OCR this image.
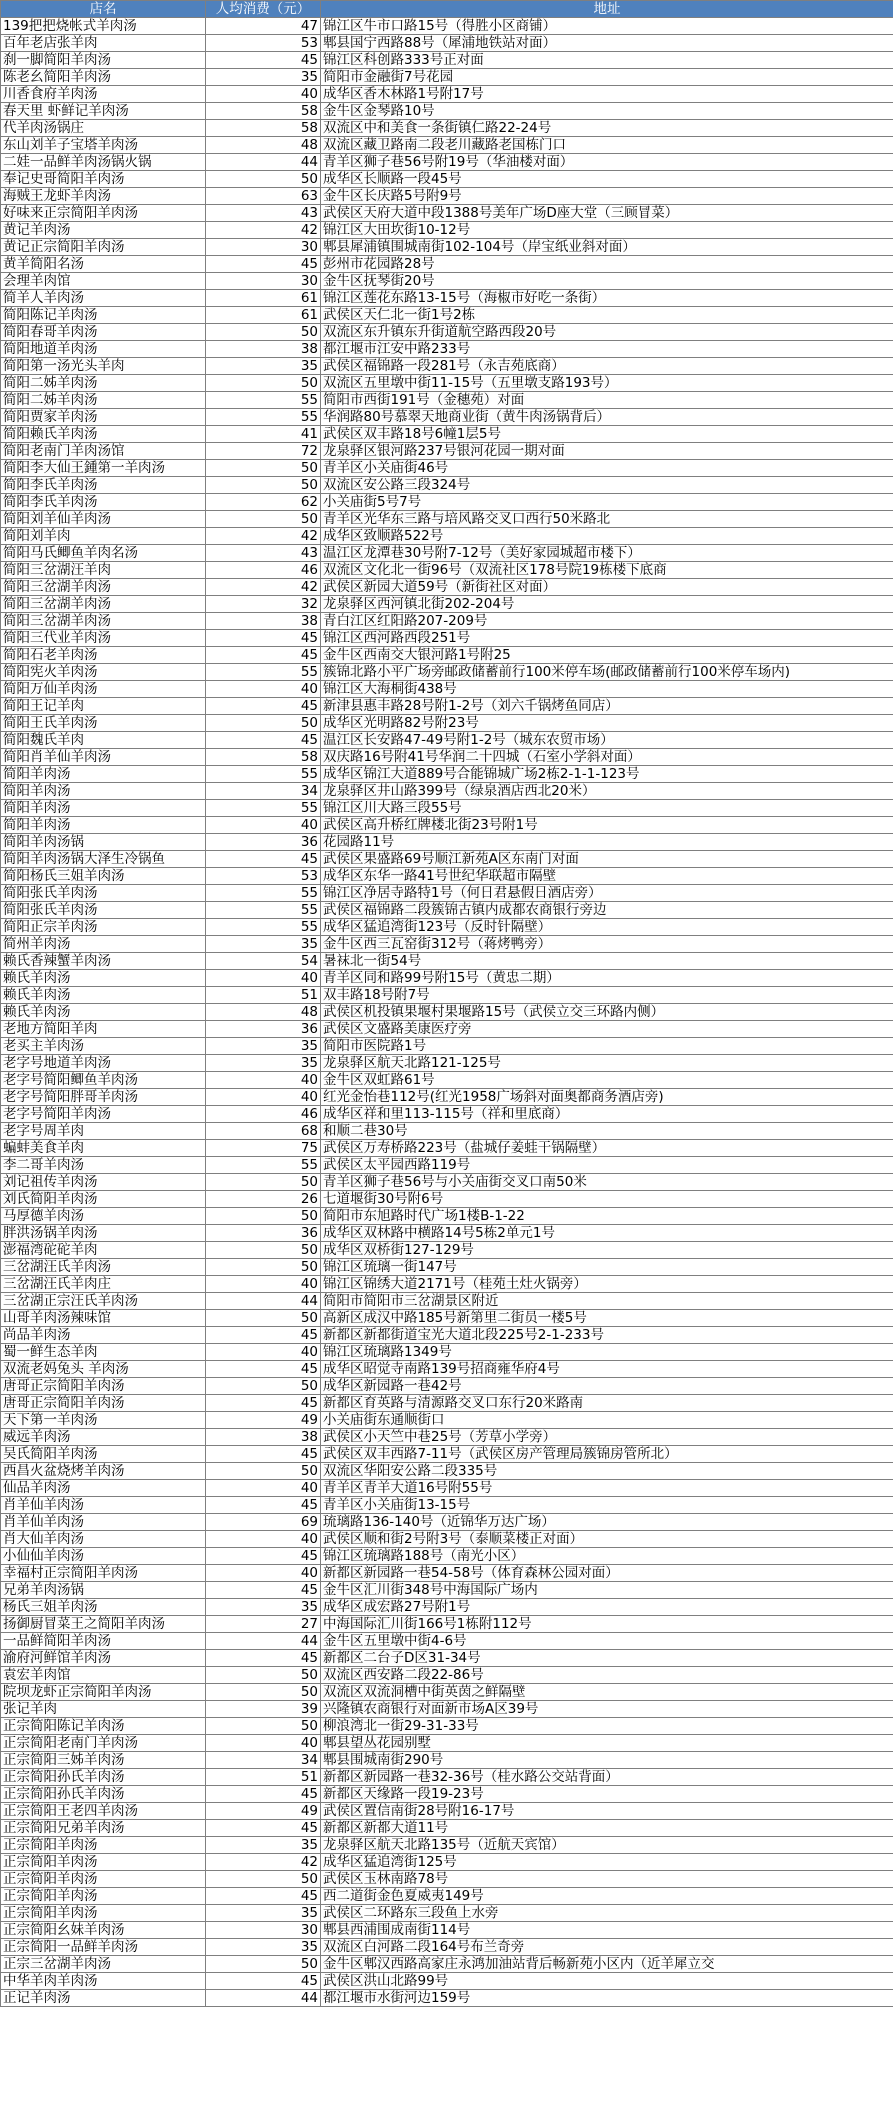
店名	人均消费（元）	地址
139把把烧帐式羊肉汤	47	锦江区牛市口路15号（得胜小区商铺）
百年老店张羊肉	53	郫县国宁西路88号（犀浦地铁站对面）
刹一脚简阳羊肉汤	45	锦江区科创路333号正对面
陈老幺简阳羊肉汤	35	简阳市金融街7号花园
川香食府羊肉汤	40	成华区香木林路1号附17号
春天里 虾鲜记羊肉汤	58	金牛区金琴路10号
代羊肉汤锅庄	58	双流区中和美食一条街镇仁路22-24号
东山刘羊子宝塔羊肉汤	48	双流区藏卫路南二段老川藏路老国栋门口
二娃一品鲜羊肉汤锅火锅	44	青羊区狮子巷56号附19号（华油楼对面）
奉记史哥简阳羊肉汤	50	成华区长顺路一段45号
海贼王龙虾羊肉汤	63	金牛区长庆路5号附9号
好味来正宗简阳羊肉汤	43	武侯区天府大道中段1388号美年广场D座大堂（三顾冒菜）
黄记羊肉汤	42	锦江区大田坎街10-12号
黄记正宗简阳羊肉汤	30	郫县犀浦镇围城南街102-104号（岸宝纸业斜对面）
黄羊简阳名汤	45	彭州市花园路28号
会理羊肉馆	30	金牛区抚琴街20号
简羊人羊肉汤	61	锦江区莲花东路13-15号（海椒市好吃一条街）
简阳陈记羊肉汤	61	武侯区天仁北一街1号2栋
简阳春哥羊肉汤	50	双流区东升镇东升街道航空路西段20号
简阳地道羊肉汤	38	都江堰市江安中路233号
简阳第一汤光头羊肉	35	武侯区福锦路一段281号（永吉苑底商）
简阳二姊羊肉汤	50	双流区五里墩中街11-15号（五里墩支路193号）
简阳二姊羊肉汤	55	简阳市西街191号（金穗苑）对面
简阳贾家羊肉汤	55	华润路80号慕翠天地商业街（黄牛肉汤锅背后）
简阳赖氏羊肉汤	41	武侯区双丰路18号6幢1层5号
简阳老南门羊肉汤馆	72	龙泉驿区银河路237号银河花园一期对面
简阳李大仙王鍾第一羊肉汤	50	青羊区小关庙街46号
简阳李氏羊肉汤	50	双流区安公路三段324号
简阳李氏羊肉汤	62	小关庙街5号7号
简阳刘羊仙羊肉汤	50	青羊区光华东三路与培风路交叉口西行50米路北
简阳刘羊肉	42	成华区致顺路522号
简阳马氏鲫鱼羊肉名汤	43	温江区龙潭巷30号附7-12号（美好家园城超市楼下）
简阳三岔湖汪羊肉	46	双流区文化北一街96号（双流社区178号院19栋楼下底商
简阳三岔湖羊肉汤	42	武侯区新园大道59号（新街社区对面）
简阳三岔湖羊肉汤	32	龙泉驿区西河镇北街202-204号
简阳三岔湖羊肉汤	38	青白江区红阳路207-209号
简阳三代业羊肉汤	45	锦江区西河路西段251号
简阳石老羊肉汤	45	金牛区西南交大银河路1号附25
简阳宪火羊肉汤	55	簇锦北路小平广场旁邮政储蓄前行100米停车场(邮政储蓄前行100米停车场内)
简阳万仙羊肉汤	40	锦江区大海桐街438号
简阳王记羊肉	45	新津县惠丰路28号附1-2号（刘六千锅烤鱼同店）
简阳王氏羊肉汤	50	成华区光明路82号附23号
简阳魏氏羊肉	45	温江区长安路47-49号附1-2号（城东农贸市场）
简阳肖羊仙羊肉汤	58	双庆路16号附41号华润二十四城（石室小学斜对面）
简阳羊肉汤	55	成华区锦江大道889号合能锦城广场2栋2-1-1-123号
简阳羊肉汤	34	龙泉驿区井山路399号（绿泉酒店西北20米）
简阳羊肉汤	55	锦江区川大路三段55号
简阳羊肉汤	40	武侯区高升桥红牌楼北街23号附1号
简阳羊肉汤锅	36	花园路11号
简阳羊肉汤锅大泽生冷锅鱼	45	武侯区果盛路69号顺江新苑A区东南门对面
简阳杨氏三姐羊肉汤	53	成华区东华一路41号世纪华联超市隔壁
简阳张氏羊肉汤	55	锦江区净居寺路特1号（何日君悬假日酒店旁）
简阳张氏羊肉汤	55	武侯区福锦路二段簇锦古镇内成都农商银行旁边
简阳正宗羊肉汤	55	成华区猛追湾街123号（反时针隔壁）
简州羊肉汤	35	金牛区西三瓦窑街312号（蒋烤鸭旁）
赖氏香辣蟹羊肉汤	54	暑袜北一街54号
赖氏羊肉汤	40	青羊区同和路99号附15号（黄忠二期）
赖氏羊肉汤	51	双丰路18号附7号
赖氏羊肉汤	48	武侯区机投镇果堰村果堰路15号（武侯立交三环路内侧）
老地方简阳羊肉	36	武侯区文盛路美康医疗旁
老买主羊肉汤	35	简阳市医院路1号
老字号地道羊肉汤	35	龙泉驿区航天北路121-125号
老字号简阳鲫鱼羊肉汤	40	金牛区双虹路61号
老字号简阳胖哥羊肉汤	40	红光金怡巷112号(红光1958广场斜对面奥都商务酒店旁)
老字号简阳羊肉汤	46	成华区祥和里113-115号（祥和里底商）
老字号周羊肉	68	和顺二巷30号
蝙蚌美食羊肉	75	武侯区万寿桥路223号（盐城仔姜蛙干锅隔壁）
李二哥羊肉汤	55	武侯区太平园西路119号
刘记祖传羊肉汤	50	青羊区狮子巷56号与小关庙街交叉口南50米
刘氏简阳羊肉汤	26	七道堰街30号附6号
马厚德羊肉汤	50	简阳市东旭路时代广场1楼B-1-22
胖洪汤锅羊肉汤	36	成华区双林路中横路14号5栋2单元1号
澎福湾砣砣羊肉	50	成华区双桥街127-129号
三岔湖汪氏羊肉汤	50	锦江区琉璃一街147号
三岔湖汪氏羊肉庄	40	锦江区锦绣大道2171号（桂苑土灶火锅旁）
三岔湖正宗汪氏羊肉汤	44	简阳市简阳市三岔湖景区附近
山哥羊肉汤辣味馆	50	高新区成汉中路185号新第里二街员一楼5号
尚品羊肉汤	45	新都区新都街道宝光大道北段225号2-1-233号
蜀一鲜生态羊肉	40	锦江区琉璃路1349号
双流老妈兔头 羊肉汤	45	成华区昭觉寺南路139号招商雍华府4号
唐哥正宗简阳羊肉汤	50	成华区新园路一巷42号
唐哥正宗简阳羊肉汤	45	新都区育英路与清源路交叉口东行20米路南
天下第一羊肉汤	49	小关庙街东通顺街口
威远羊肉汤	38	武侯区小天竺中巷25号（芳草小学旁）
吴氏简阳羊肉汤	45	武侯区双丰西路7-11号（武侯区房产管理局簇锦房管所北）
西昌火盆烧烤羊肉汤	50	双流区华阳安公路二段335号
仙品羊肉汤	40	青羊区青羊大道16号附55号
肖羊仙羊肉汤	45	青羊区小关庙街13-15号
肖羊仙羊肉汤	69	琉璃路136-140号（近锦华万达广场）
肖大仙羊肉汤	40	武侯区顺和街2号附3号（泰顺菜楼正对面）
小仙仙羊肉汤	45	锦江区琉璃路188号（南光小区）
幸福村正宗简阳羊肉汤	40	新都区新园路一巷54-58号（体育森林公园对面）
兄弟羊肉汤锅	45	金牛区汇川街348号中海国际广场内
杨氏三姐羊肉汤	35	成华区成宏路27号附1号
扬御厨冒菜王之简阳羊肉汤	27	中海国际汇川街166号1栋附112号
一品鲜简阳羊肉汤	44	金牛区五里墩中街4-6号
渝府河鲜馆羊肉汤	45	新都区二台子D区31-34号
袁宏羊肉馆	50	双流区西安路二段22-86号
院坝龙虾正宗简阳羊肉汤	50	双流区双流洞槽中街英茵之鲜隔壁
张记羊肉	39	兴隆镇农商银行对面新市场A区39号
正宗简阳陈记羊肉汤	50	柳浪湾北一街29-31-33号
正宗简阳老南门羊肉汤	40	郫县望丛花园别墅
正宗简阳三姊羊肉汤	34	郫县围城南街290号
正宗简阳孙氏羊肉汤	51	新都区新园路一巷32-36号（桂水路公交站背面）
正宗简阳孙氏羊肉汤	45	新都区天缘路一段19-23号
正宗简阳王老四羊肉汤	49	武侯区置信南街28号附16-17号
正宗简阳兄弟羊肉汤	45	新都区新都大道11号
正宗简阳羊肉汤	35	龙泉驿区航天北路135号（近航天宾馆）
正宗简阳羊肉汤	42	成华区猛追湾街125号
正宗简阳羊肉汤	50	武侯区玉林南路78号
正宗简阳羊肉汤	45	西二道街金色夏威夷149号
正宗简阳羊肉汤	35	武侯区二环路东三段鱼上水旁
正宗简阳幺妹羊肉汤	30	郫县西浦围成南街114号
正宗简阳一品鲜羊肉汤	35	双流区白河路二段164号布兰奇旁
正宗三岔湖羊肉汤	50	金牛区郫汉西路高家庄永鸿加油站背后畅新苑小区内（近羊犀立交
中华羊肉羊肉汤	45	武侯区洪山北路99号
正记羊肉汤	44	都江堰市水街河边159号
